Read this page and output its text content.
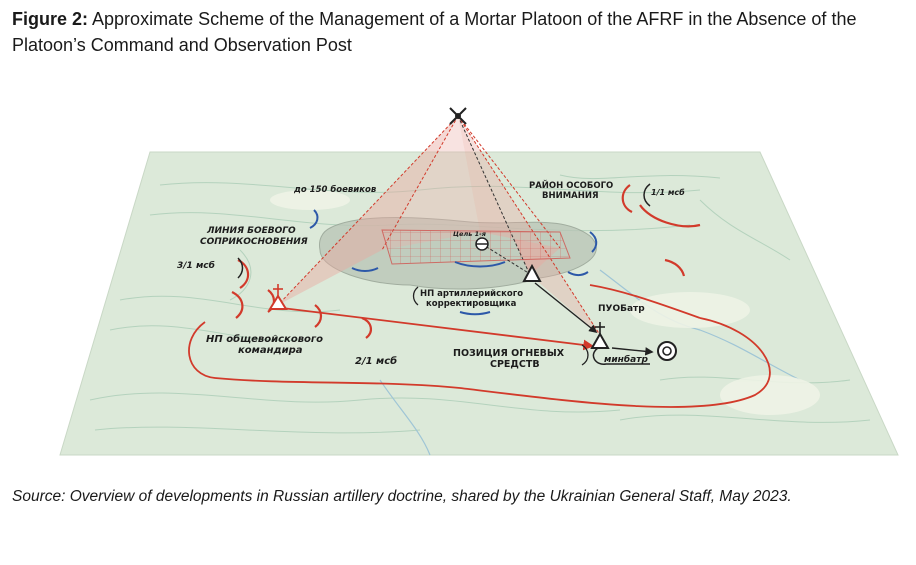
Figure 2: Approximate Scheme of the Management of a Mortar Platoon of the AFRF in the Absence of the Platoon’s Command and Observation Post
до 150 боевиков
ЛИНИЯ БОЕВОГО
СОПРИКОСНОВЕНИЯ
3/1 мсб
Цель 1-я
РАЙОН ОСОБОГО
ВНИМАНИЯ	1/1 мсб
НП артиллерийского
корректировщика	ПУОБатр
НП общевойскового
командира
2/1 мсб
ПОЗИЦИЯ ОГНЕВЫХ
СРЕДСТВ	минбатр
Source: Overview of developments in Russian artillery doctrine, shared by the Ukrainian General Staff, May 2023.
